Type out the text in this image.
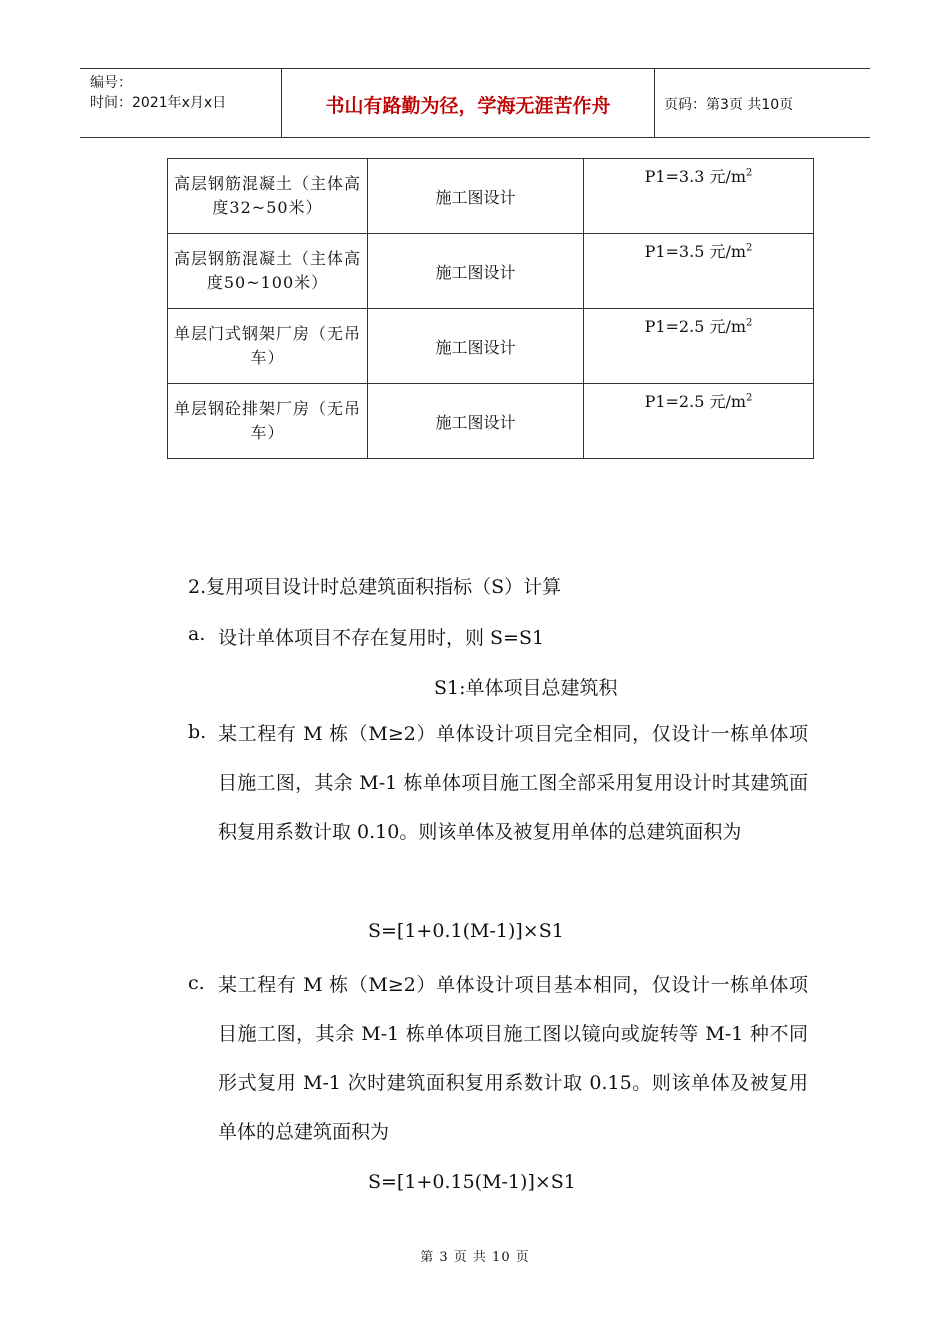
编号：
时间：2021年x月x日	书山有路勤为径，学海无涯苦作舟	页码：第3页 共10页
高层钢筋混凝土（主体高度32~50米）	施工图设计	P1=3.3 元$/m^2$

高层钢筋混凝土（主体高度50~100米）	施工图设计	P1=3.5 元$/m^2$

单层门式钢架厂房（无吊车）	施工图设计	P1=2.5 元$/m^2$

单层钢砼排架厂房（无吊车）	施工图设计	P1=2.5 元$/m^2$
2.复用项目设计时总建筑面积指标（S）计算
a. 设计单体项目不存在复用时，则 S=S1
S1:单体项目总建筑积
b. 某工程有 M 栋（M≥2）单体设计项目完全相同，仅设计一栋单体项目施工图，其余 M-1 栋单体项目施工图全部采用复用设计时其建筑面积复用系数计取 0.10。则该单体及被复用单体的总建筑面积为
S=[1+0.1(M-1)]×S1
c. 某工程有 M 栋（M≥2）单体设计项目基本相同，仅设计一栋单体项目施工图，其余 M-1 栋单体项目施工图以镜向或旋转等 M-1 种不同形式复用 M-1 次时建筑面积复用系数计取 0.15。则该单体及被复用单体的总建筑面积为
S=[1+0.15(M-1)]×S1
第 3 页 共 10 页
